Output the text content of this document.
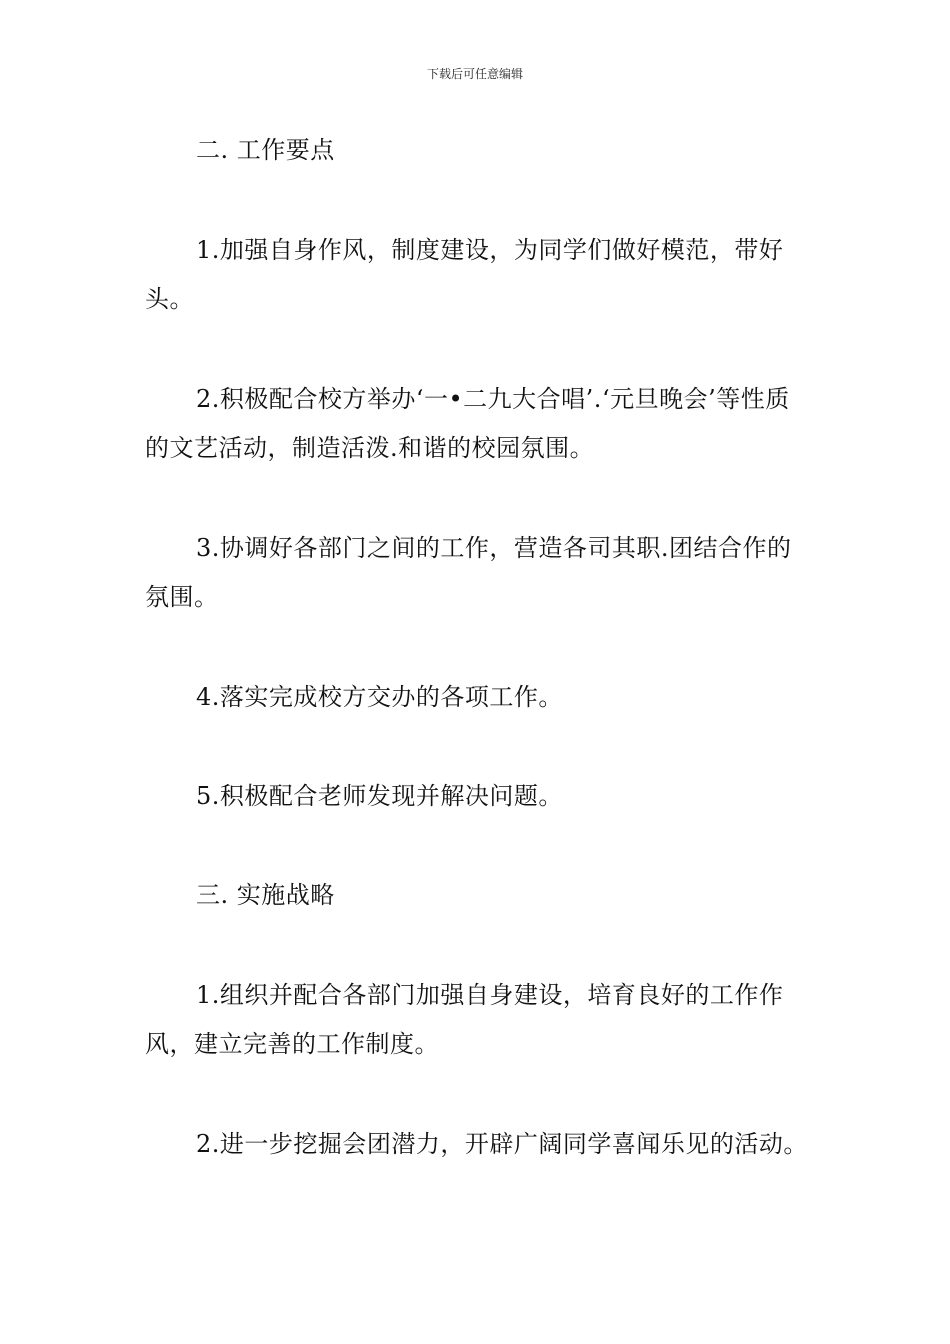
下载后可任意编辑

二. 工作要点

1.加强自身作风，制度建设，为同学们做好模范，带好头。

2.积极配合校方举办‘一•二九大合唱’.‘元旦晚会’等性质的文艺活动，制造活泼.和谐的校园氛围。

3.协调好各部门之间的工作，营造各司其职.团结合作的氛围。

4.落实完成校方交办的各项工作。

5.积极配合老师发现并解决问题。

三. 实施战略

1.组织并配合各部门加强自身建设，培育良好的工作作风，建立完善的工作制度。

2.进一步挖掘会团潜力，开辟广阔同学喜闻乐见的活动。
